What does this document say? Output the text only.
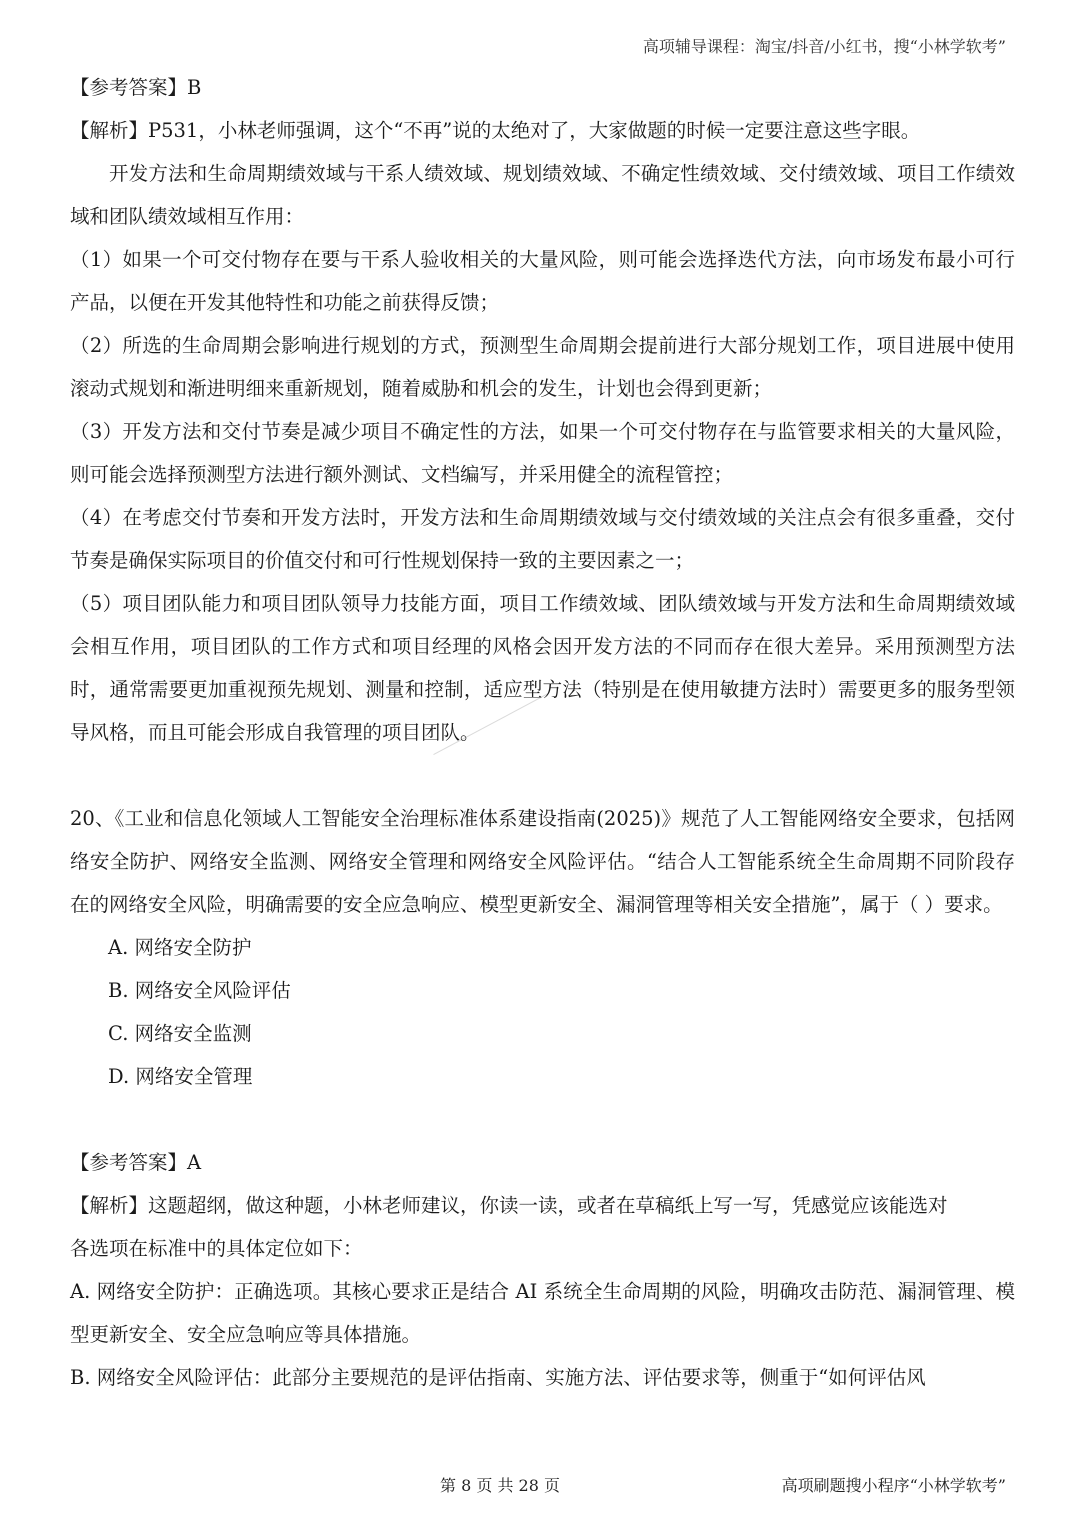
高项辅导课程：淘宝/抖音/小红书，搜“小林学软考”

【参考答案】B

【解析】P531，小林老师强调，这个“不再”说的太绝对了，大家做题的时候一定要注意这些字眼。

开发方法和生命周期绩效域与干系人绩效域、规划绩效域、不确定性绩效域、交付绩效域、项目工作绩效域和团队绩效域相互作用：

（1）如果一个可交付物存在要与干系人验收相关的大量风险，则可能会选择迭代方法，向市场发布最小可行产品，以便在开发其他特性和功能之前获得反馈；

（2）所选的生命周期会影响进行规划的方式，预测型生命周期会提前进行大部分规划工作，项目进展中使用滚动式规划和渐进明细来重新规划，随着威胁和机会的发生，计划也会得到更新；

（3）开发方法和交付节奏是减少项目不确定性的方法，如果一个可交付物存在与监管要求相关的大量风险，则可能会选择预测型方法进行额外测试、文档编写，并采用健全的流程管控；

（4）在考虑交付节奏和开发方法时，开发方法和生命周期绩效域与交付绩效域的关注点会有很多重叠，交付节奏是确保实际项目的价值交付和可行性规划保持一致的主要因素之一；

（5）项目团队能力和项目团队领导力技能方面，项目工作绩效域、团队绩效域与开发方法和生命周期绩效域会相互作用，项目团队的工作方式和项目经理的风格会因开发方法的不同而存在很大差异。采用预测型方法时，通常需要更加重视预先规划、测量和控制，适应型方法（特别是在使用敏捷方法时）需要更多的服务型领导风格，而且可能会形成自我管理的项目团队。

20、《工业和信息化领域人工智能安全治理标准体系建设指南(2025)》规范了人工智能网络安全要求，包括网络安全防护、网络安全监测、网络安全管理和网络安全风险评估。“结合人工智能系统全生命周期不同阶段存在的网络安全风险，明确需要的安全应急响应、模型更新安全、漏洞管理等相关安全措施”，属于（ ）要求。

A. 网络安全防护

B. 网络安全风险评估

C. 网络安全监测

D. 网络安全管理

【参考答案】A

【解析】这题超纲，做这种题，小林老师建议，你读一读，或者在草稿纸上写一写，凭感觉应该能选对

各选项在标准中的具体定位如下：

A. 网络安全防护：正确选项。其核心要求正是结合 AI 系统全生命周期的风险，明确攻击防范、漏洞管理、模型更新安全、安全应急响应等具体措施。

B. 网络安全风险评估：此部分主要规范的是评估指南、实施方法、评估要求等，侧重于“如何评估风

第 8 页 共 28 页	高项刷题搜小程序“小林学软考”
